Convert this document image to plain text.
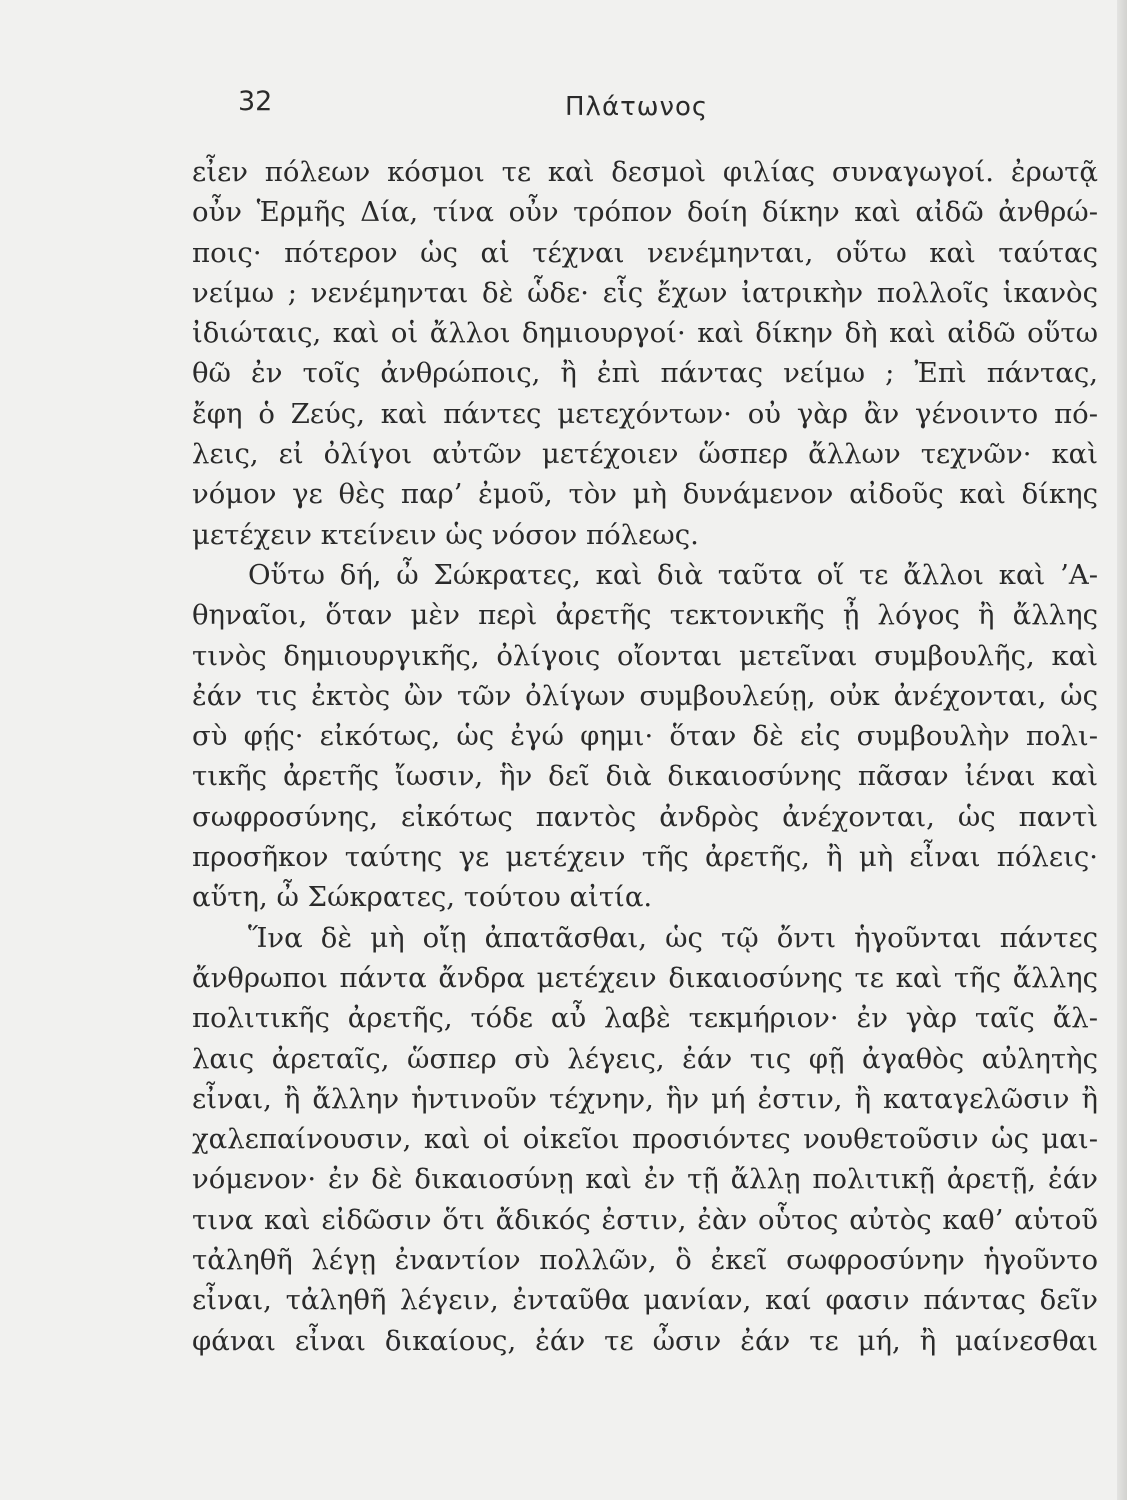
32	Πλάτωνος
εἶεν πόλεων κόσμοι τε καὶ δεσμοὶ φιλίας συναγωγοί. ἐρωτᾷ
οὖν Ἑρμῆς Δία, τίνα οὖν τρόπον δοίη δίκην καὶ αἰδῶ ἀνθρώ-
ποις· πότερον ὡς αἱ τέχναι νενέμηνται, οὕτω καὶ ταύτας
νείμω ; νενέμηνται δὲ ὧδε· εἷς ἔχων ἰατρικὴν πολλοῖς ἱκανὸς
ἰδιώταις, καὶ οἱ ἄλλοι δημιουργοί· καὶ δίκην δὴ καὶ αἰδῶ οὕτω
θῶ ἐν τοῖς ἀνθρώποις, ἢ ἐπὶ πάντας νείμω ; Ἐπὶ πάντας,
ἔφη ὁ Ζεύς, καὶ πάντες μετεχόντων· οὐ γὰρ ἂν γένοιντο πό-
λεις, εἰ ὀλίγοι αὐτῶν μετέχοιεν ὥσπερ ἄλλων τεχνῶν· καὶ
νόμον γε θὲς παρ’ ἐμοῦ, τὸν μὴ δυνάμενον αἰδοῦς καὶ δίκης
μετέχειν κτείνειν ὡς νόσον πόλεως.
Οὕτω δή, ὦ Σώκρατες, καὶ διὰ ταῦτα οἵ τε ἄλλοι καὶ ’Α-
θηναῖοι, ὅταν μὲν περὶ ἀρετῆς τεκτονικῆς ᾖ λόγος ἢ ἄλλης
τινὸς δημιουργικῆς, ὀλίγοις οἴονται μετεῖναι συμβουλῆς, καὶ
ἐάν τις ἐκτὸς ὢν τῶν ὀλίγων συμβουλεύῃ, οὐκ ἀνέχονται, ὡς
σὺ φῄς· εἰκότως, ὡς ἐγώ φημι· ὅταν δὲ εἰς συμβουλὴν πολι-
τικῆς ἀρετῆς ἴωσιν, ἣν δεῖ διὰ δικαιοσύνης πᾶσαν ἰέναι καὶ
σωφροσύνης, εἰκότως παντὸς ἀνδρὸς ἀνέχονται, ὡς παντὶ
προσῆκον ταύτης γε μετέχειν τῆς ἀρετῆς, ἢ μὴ εἶναι πόλεις·
αὕτη, ὦ Σώκρατες, τούτου αἰτία.
Ἵνα δὲ μὴ οἴῃ ἀπατᾶσθαι, ὡς τῷ ὄντι ἡγοῦνται πάντες
ἄνθρωποι πάντα ἄνδρα μετέχειν δικαιοσύνης τε καὶ τῆς ἄλλης
πολιτικῆς ἀρετῆς, τόδε αὖ λαβὲ τεκμήριον· ἐν γὰρ ταῖς ἄλ-
λαις ἀρεταῖς, ὥσπερ σὺ λέγεις, ἐάν τις φῇ ἀγαθὸς αὐλητὴς
εἶναι, ἢ ἄλλην ἡντινοῦν τέχνην, ἣν μή ἐστιν, ἢ καταγελῶσιν ἢ
χαλεπαίνουσιν, καὶ οἱ οἰκεῖοι προσιόντες νουθετοῦσιν ὡς μαι-
νόμενον· ἐν δὲ δικαιοσύνῃ καὶ ἐν τῇ ἄλλῃ πολιτικῇ ἀρετῇ, ἐάν
τινα καὶ εἰδῶσιν ὅτι ἄδικός ἐστιν, ἐὰν οὗτος αὐτὸς καθ’ αὑτοῦ
τἀληθῆ λέγῃ ἐναντίον πολλῶν, ὃ ἐκεῖ σωφροσύνην ἡγοῦντο
εἶναι, τἀληθῆ λέγειν, ἐνταῦθα μανίαν, καί φασιν πάντας δεῖν
φάναι εἶναι δικαίους, ἐάν τε ὦσιν ἐάν τε μή, ἢ μαίνεσθαι
